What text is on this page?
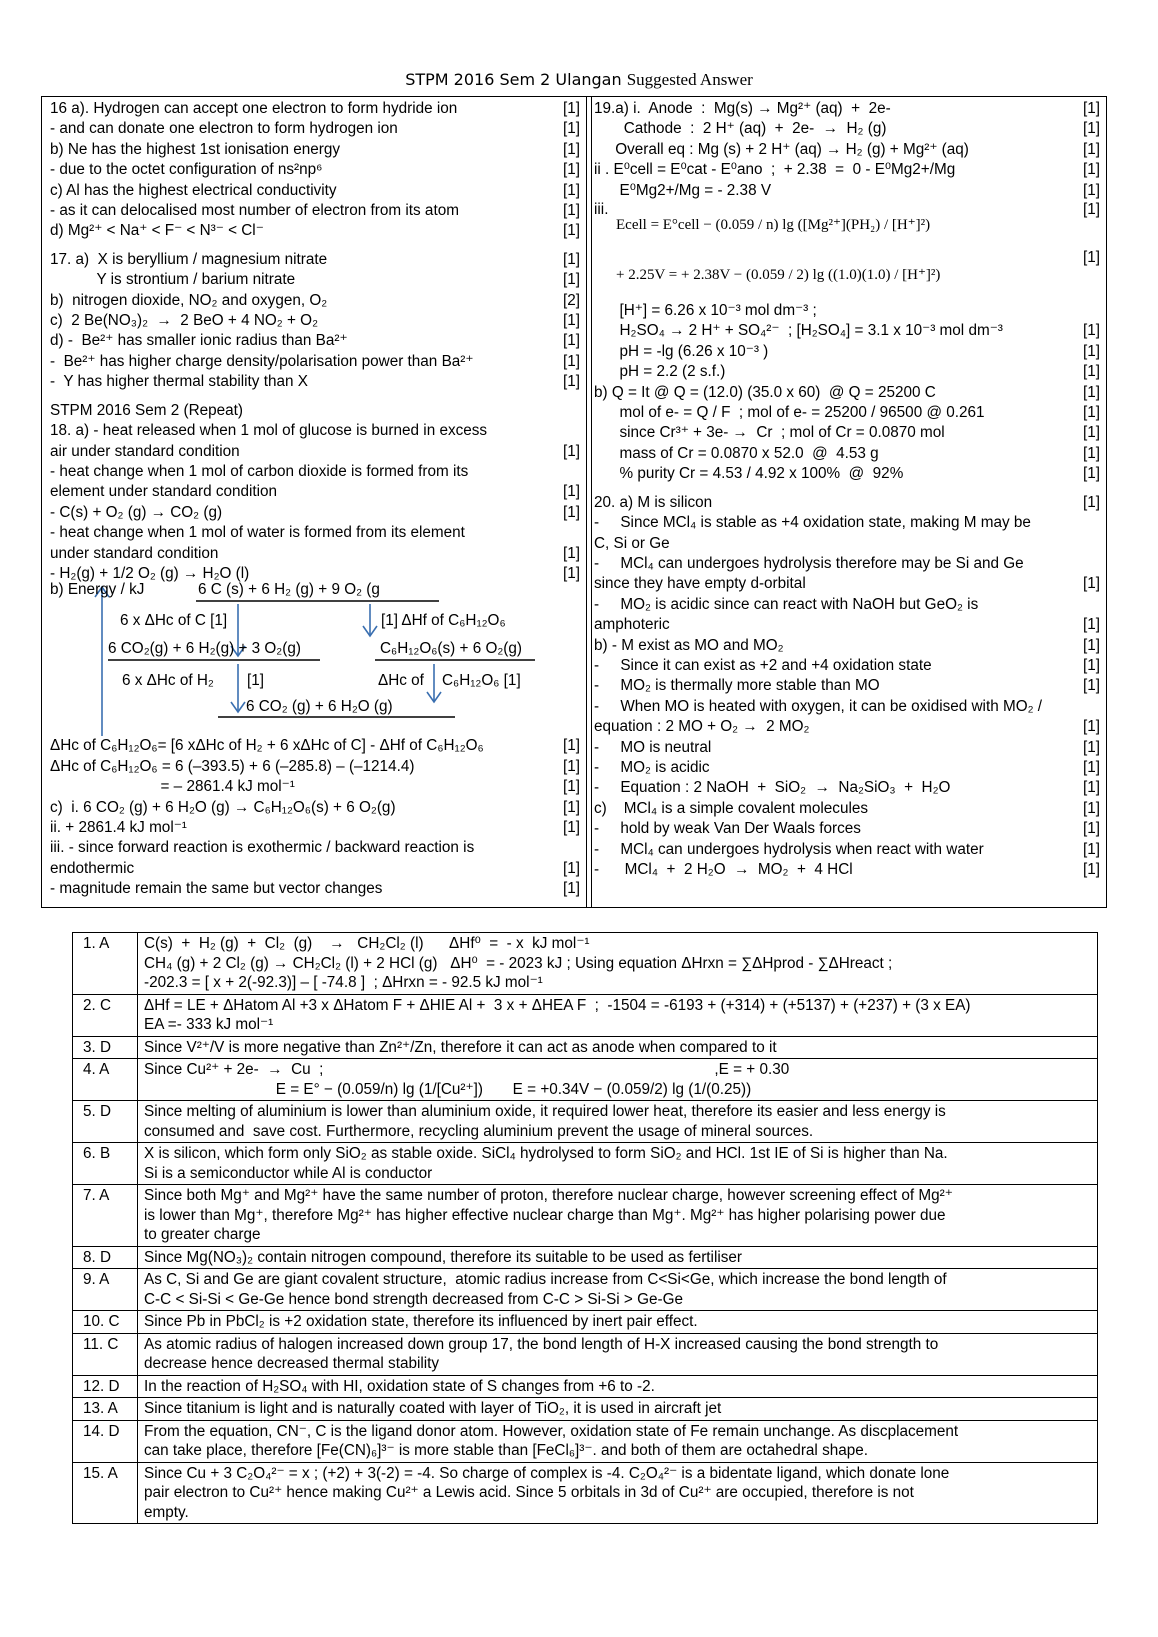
STPM 2016 Sem 2 Ulangan Suggested Answer
16 a). Hydrogen can accept one electron to form hydride ion	[1]
- and can donate one electron to form hydrogen ion	[1]
b) Ne has the highest 1st ionisation energy	[1]
- due to the octet configuration of ns²np⁶	[1]
c) Al has the highest electrical conductivity	[1]
- as it can delocalised most number of electron from its atom	[1]
d) Mg²⁺ < Na⁺ < F⁻ < N³⁻ < Cl⁻	[1]
17. a)  X is beryllium / magnesium nitrate	[1]
Y is strontium / barium nitrate	[1]
b)  nitrogen dioxide, NO₂ and oxygen, O₂	[2]
c)  2 Be(NO₃)₂  →  2 BeO + 4 NO₂ + O₂	[1]
d) -  Be²⁺ has smaller ionic radius than Ba²⁺	[1]
-  Be²⁺ has higher charge density/polarisation power than Ba²⁺	[1]
-  Y has higher thermal stability than X	[1]
STPM 2016 Sem 2 (Repeat)
18. a) - heat released when 1 mol of glucose is burned in excess
air under standard condition	[1]
- heat change when 1 mol of carbon dioxide is formed from its
element under standard condition	[1]
- C(s) + O₂ (g) → CO₂ (g)	[1]
- heat change when 1 mol of water is formed from its element
under standard condition	[1]
- H₂(g) + 1/2 O₂ (g) → H₂O (l)	[1]
b) Energy / kJ	6 C (s) + 6 H₂ (g) + 9 O₂ (g
6 x ΔHc of C [1]	[1] ΔHf of C₆H₁₂O₆
6 CO₂(g) + 6 H₂(g) + 3 O₂(g)	C₆H₁₂O₆(s) + 6 O₂(g)
6 x ΔHc of H₂ [1]	ΔHc of C₆H₁₂O₆ [1]
6 CO₂ (g) + 6 H₂O (g)
ΔHc of C₆H₁₂O₆= [6 xΔHc of H₂ + 6 xΔHc of C] - ΔHf of C₆H₁₂O₆	[1]
ΔHc of C₆H₁₂O₆ = 6 (–393.5) + 6 (–285.8) – (–1214.4)	[1]
= – 2861.4 kJ mol⁻¹	[1]
c)  i. 6 CO₂ (g) + 6 H₂O (g) → C₆H₁₂O₆(s) + 6 O₂(g)	[1]
ii. + 2861.4 kJ mol⁻¹	[1]
iii. - since forward reaction is exothermic / backward reaction is
endothermic	[1]
- magnitude remain the same but vector changes	[1]
19.a) i.  Anode  :  Mg(s) → Mg²⁺ (aq)  +  2e-	[1]
Cathode  :  2 H⁺ (aq)  +  2e-  →  H₂ (g)	[1]
Overall eq : Mg (s) + 2 H⁺ (aq) → H₂ (g) + Mg²⁺ (aq)	[1]
ii . E⁰cell = E⁰cat - E⁰ano  ;  + 2.38  =  0 - E⁰Mg2+/Mg	[1]
E⁰Mg2+/Mg = - 2.38 V	[1]
iii.
Ecell = E°cell − (0.059 / n) lg ([Mg²⁺](PH₂) / [H⁺]²)
[1]
+ 2.25V = + 2.38V − (0.059 / 2) lg ((1.0)(1.0) / [H⁺]²)
[1]
[H⁺] = 6.26 x 10⁻³ mol dm⁻³ ;
H₂SO₄ → 2 H⁺ + SO₄²⁻  ; [H₂SO₄] = 3.1 x 10⁻³ mol dm⁻³	[1]
pH = -lg (6.26 x 10⁻³ )	[1]
pH = 2.2 (2 s.f.)	[1]
b) Q = It @ Q = (12.0) (35.0 x 60)  @ Q = 25200 C	[1]
mol of e- = Q / F  ; mol of e- = 25200 / 96500 @ 0.261	[1]
since Cr³⁺ + 3e- →  Cr  ; mol of Cr = 0.0870 mol	[1]
mass of Cr = 0.0870 x 52.0  @  4.53 g	[1]
% purity Cr = 4.53 / 4.92 x 100%  @  92%	[1]
20. a) M is silicon	[1]
-     Since MCl₄ is stable as +4 oxidation state, making M may be
C, Si or Ge
-     MCl₄ can undergoes hydrolysis therefore may be Si and Ge
since they have empty d-orbital	[1]
-     MO₂ is acidic since can react with NaOH but GeO₂ is
amphoteric	[1]
b) - M exist as MO and MO₂	[1]
-     Since it can exist as +2 and +4 oxidation state	[1]
-     MO₂ is thermally more stable than MO	[1]
-     When MO is heated with oxygen, it can be oxidised with MO₂ /
equation : 2 MO + O₂ →  2 MO₂	[1]
-     MO is neutral	[1]
-     MO₂ is acidic	[1]
-     Equation : 2 NaOH  +  SiO₂  →  Na₂SiO₃  +  H₂O	[1]
c)    MCl₄ is a simple covalent molecules	[1]
-     hold by weak Van Der Waals forces	[1]
-     MCl₄ can undergoes hydrolysis when react with water	[1]
-      MCl₄  +  2 H₂O  →  MO₂  +  4 HCl	[1]
1. A	C(s)  +  H₂ (g)  +  Cl₂  (g)    →   CH₂Cl₂ (l)      ΔHf⁰  =  - x  kJ mol⁻¹
CH₄ (g) + 2 Cl₂ (g) → CH₂Cl₂ (l) + 2 HCl (g)   ΔH⁰  = - 2023 kJ ; Using equation ΔHrxn = ∑ΔHprod - ∑ΔHreact ;
-202.3 = [ x + 2(-92.3)] – [ -74.8 ]  ; ΔHrxn = - 92.5 kJ mol⁻¹

2. C	ΔHf = LE + ΔHatom Al +3 x ΔHatom F + ΔHIE Al +  3 x + ΔHEA F  ;  -1504 = -6193 + (+314) + (+5137) + (+237) + (3 x EA)
EA =- 333 kJ mol⁻¹

3. D	Since V²⁺/V is more negative than Zn²⁺/Zn, therefore it can act as anode when compared to it

4. A	Since Cu²⁺ + 2e-  →  Cu  ;                                                                                            ,E = + 0.30
E = E° − (0.059/n) lg (1/[Cu²⁺])       E = +0.34V − (0.059/2) lg (1/(0.25))

5. D	Since melting of aluminium is lower than aluminium oxide, it required lower heat, therefore its easier and less energy is
consumed and  save cost. Furthermore, recycling aluminium prevent the usage of mineral sources.

6. B	X is silicon, which form only SiO₂ as stable oxide. SiCl₄ hydrolysed to form SiO₂ and HCl. 1st IE of Si is higher than Na.
Si is a semiconductor while Al is conductor

7. A	Since both Mg⁺ and Mg²⁺ have the same number of proton, therefore nuclear charge, however screening effect of Mg²⁺
is lower than Mg⁺, therefore Mg²⁺ has higher effective nuclear charge than Mg⁺. Mg²⁺ has higher polarising power due
to greater charge

8. D	Since Mg(NO₃)₂ contain nitrogen compound, therefore its suitable to be used as fertiliser

9. A	As C, Si and Ge are giant covalent structure,  atomic radius increase from C<Si<Ge, which increase the bond length of
C-C < Si-Si < Ge-Ge hence bond strength decreased from C-C > Si-Si > Ge-Ge

10. C	Since Pb in PbCl₂ is +2 oxidation state, therefore its influenced by inert pair effect.

11. C	As atomic radius of halogen increased down group 17, the bond length of H-X increased causing the bond strength to
decrease hence decreased thermal stability

12. D	In the reaction of H₂SO₄ with HI, oxidation state of S changes from +6 to -2.

13. A	Since titanium is light and is naturally coated with layer of TiO₂, it is used in aircraft jet

14. D	From the equation, CN⁻, C is the ligand donor atom. However, oxidation state of Fe remain unchange. As discplacement
can take place, therefore [Fe(CN)₆]³⁻ is more stable than [FeCl₆]³⁻. and both of them are octahedral shape.

15. A	Since Cu + 3 C₂O₄²⁻ = x ; (+2) + 3(-2) = -4. So charge of complex is -4. C₂O₄²⁻ is a bidentate ligand, which donate lone
pair electron to Cu²⁺ hence making Cu²⁺ a Lewis acid. Since 5 orbitals in 3d of Cu²⁺ are occupied, therefore is not
empty.
